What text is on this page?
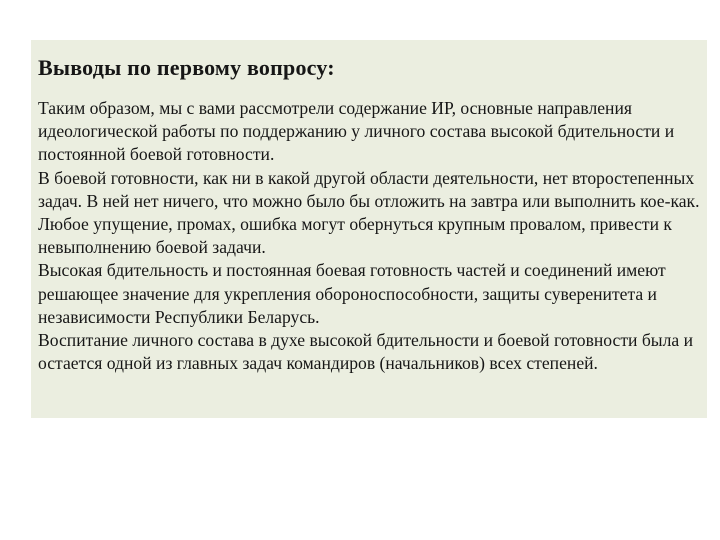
Выводы по первому вопросу:

Таким образом, мы с вами рассмотрели содержание ИР, основные направления идеологической работы по поддержанию у личного состава высокой бдительности и постоянной боевой готовности.

В боевой готовности, как ни в какой другой области деятельности, нет второстепенных задач. В ней нет ничего, что можно было бы отложить на завтра или выполнить кое-как. Любое упущение, промах, ошибка могут обернуться крупным провалом, привести к невыполнению боевой задачи.

Высокая бдительность и постоянная боевая готовность частей и соединений имеют решающее значение для укрепления обороноспособности, защиты суверенитета и независимости Республики Беларусь.

Воспитание личного состава в духе высокой бдительности и боевой готовности была и остается одной из главных задач командиров (начальников) всех степеней.
